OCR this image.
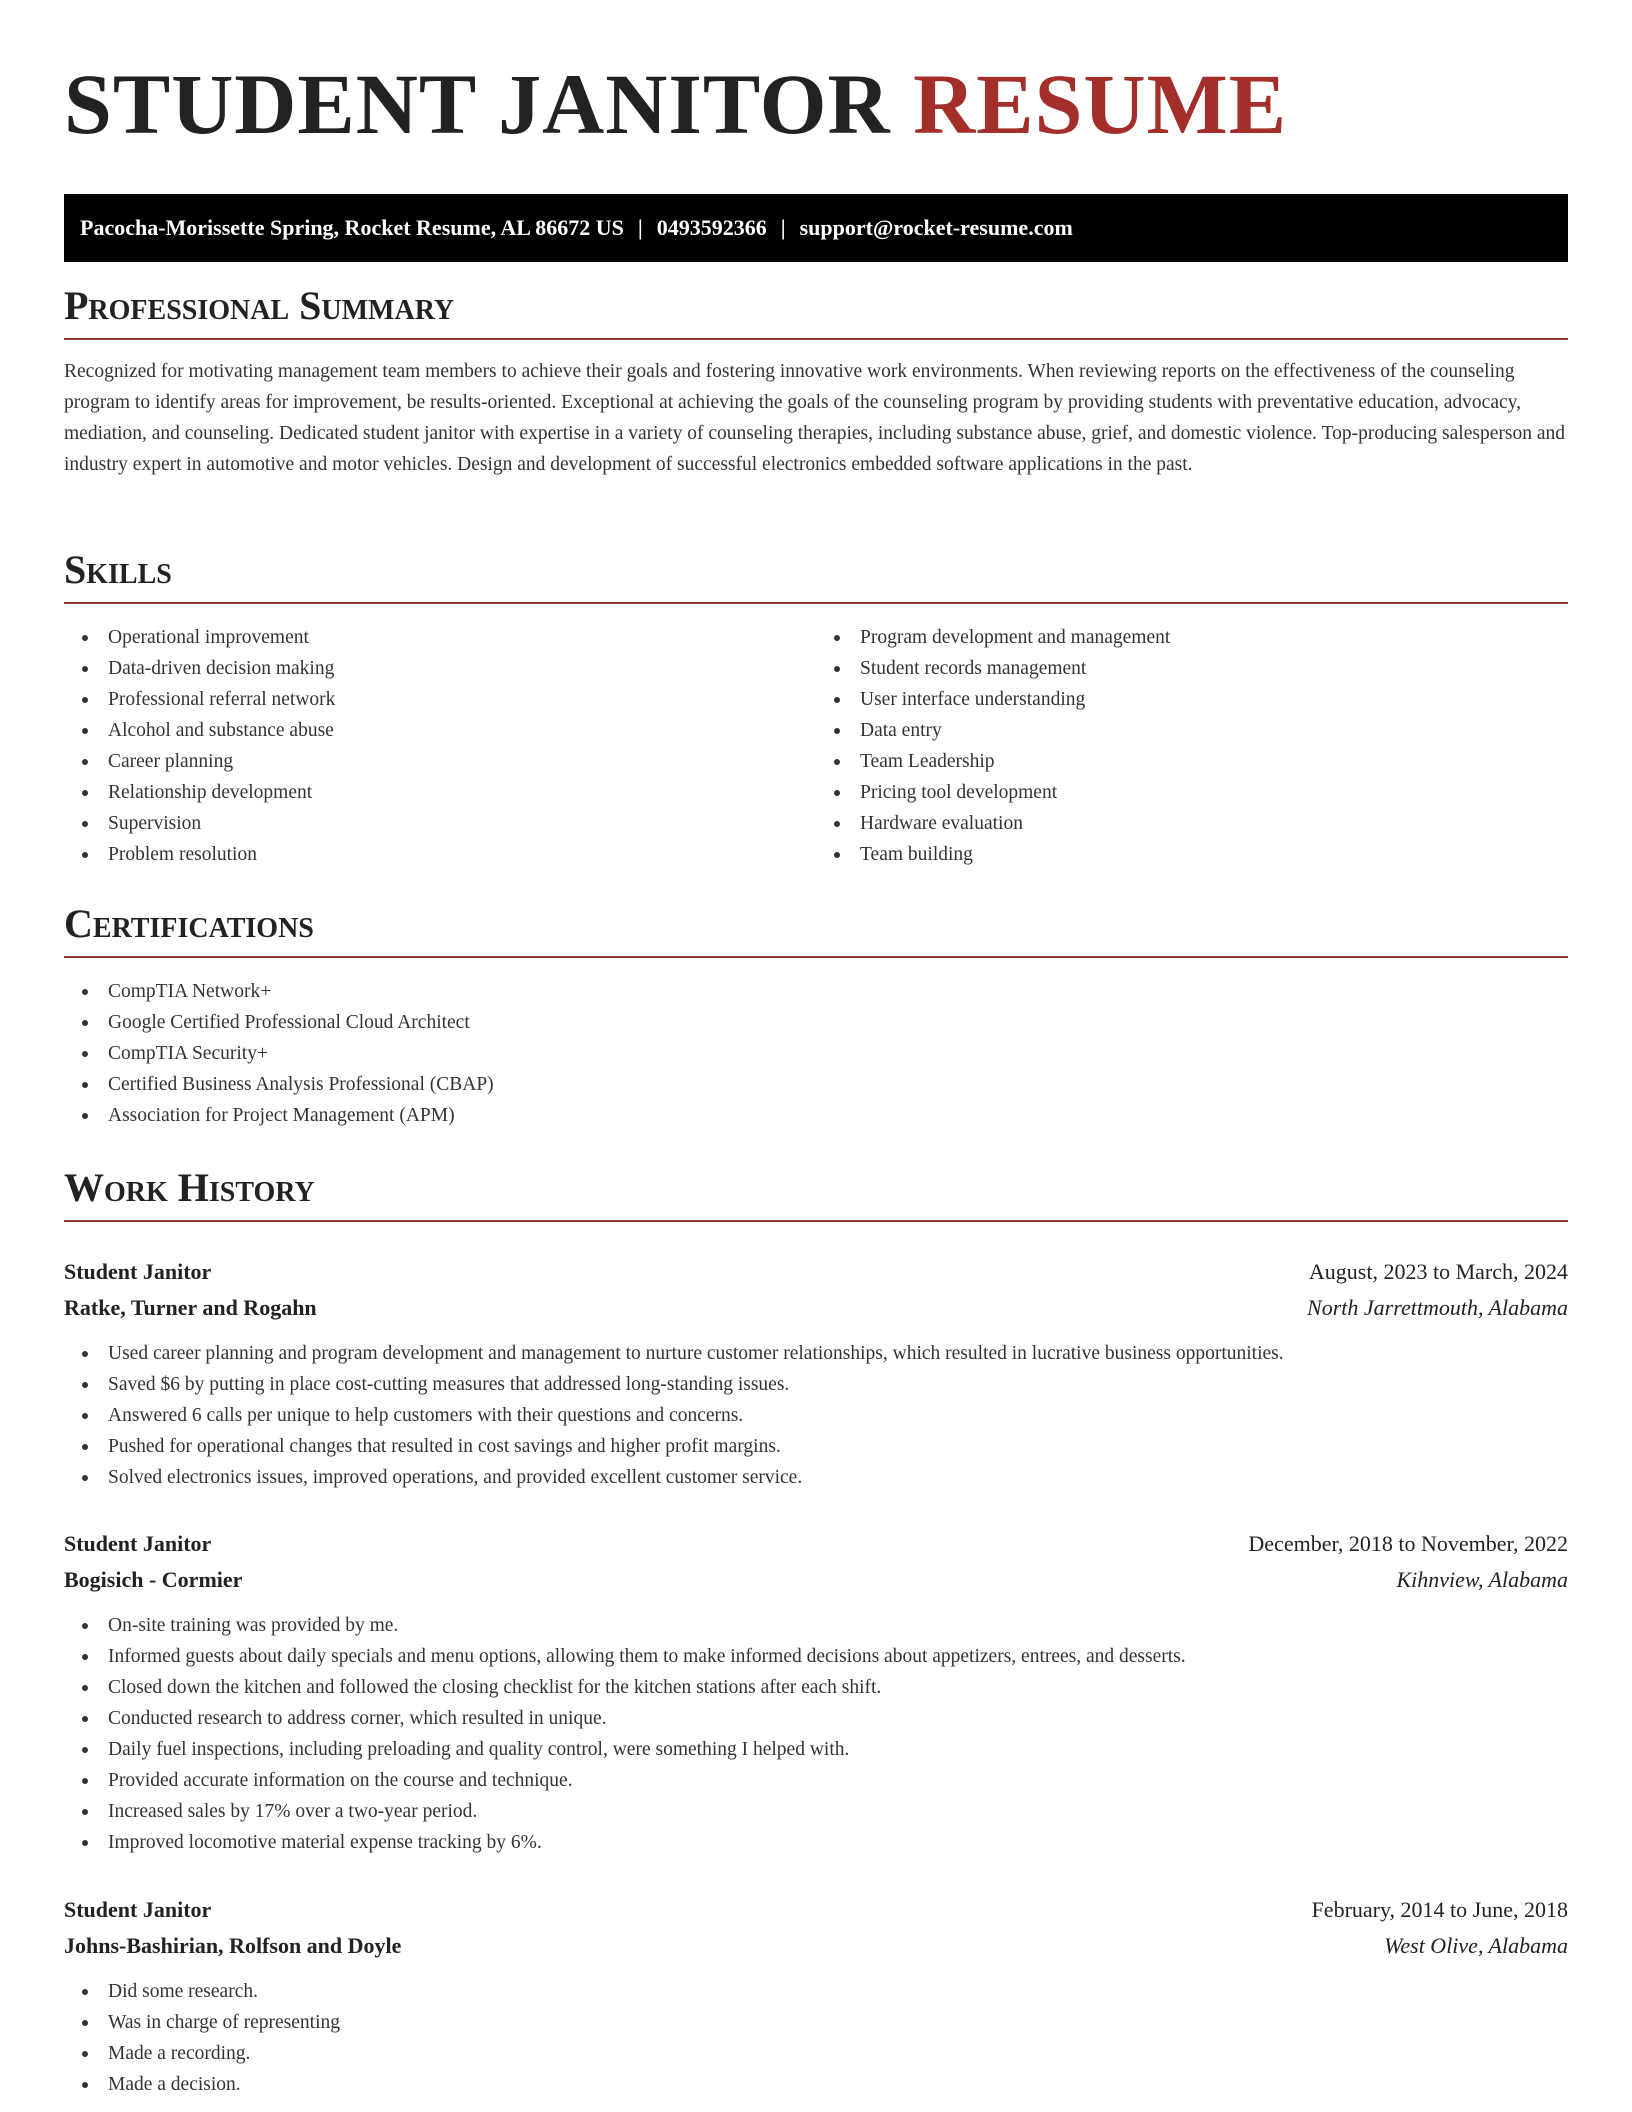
STUDENT JANITOR RESUME
Pacocha-Morissette Spring, Rocket Resume, AL 86672 US | 0493592366 | support@rocket-resume.com
Professional Summary

Recognized for motivating management team members to achieve their goals and fostering innovative work environments. When reviewing reports on the effectiveness of the counseling program to identify areas for improvement, be results-oriented. Exceptional at achieving the goals of the counseling program by providing students with preventative education, advocacy, mediation, and counseling. Dedicated student janitor with expertise in a variety of counseling therapies, including substance abuse, grief, and domestic violence. Top-producing salesperson and industry expert in automotive and motor vehicles. Design and development of successful electronics embedded software applications in the past.

Skills
Operational improvement
Data-driven decision making
Professional referral network
Alcohol and substance abuse
Career planning
Relationship development
Supervision
Problem resolution
Program development and management
Student records management
User interface understanding
Data entry
Team Leadership
Pricing tool development
Hardware evaluation
Team building
Certifications
CompTIA Network+
Google Certified Professional Cloud Architect
CompTIA Security+
Certified Business Analysis Professional (CBAP)
Association for Project Management (APM)
Work History
Student Janitor	August, 2023 to March, 2024
Ratke, Turner and Rogahn	North Jarrettmouth, Alabama
Used career planning and program development and management to nurture customer relationships, which resulted in lucrative business opportunities.
Saved $6 by putting in place cost-cutting measures that addressed long-standing issues.
Answered 6 calls per unique to help customers with their questions and concerns.
Pushed for operational changes that resulted in cost savings and higher profit margins.
Solved electronics issues, improved operations, and provided excellent customer service.
Student Janitor	December, 2018 to November, 2022
Bogisich - Cormier	Kihnview, Alabama
On-site training was provided by me.
Informed guests about daily specials and menu options, allowing them to make informed decisions about appetizers, entrees, and desserts.
Closed down the kitchen and followed the closing checklist for the kitchen stations after each shift.
Conducted research to address corner, which resulted in unique.
Daily fuel inspections, including preloading and quality control, were something I helped with.
Provided accurate information on the course and technique.
Increased sales by 17% over a two-year period.
Improved locomotive material expense tracking by 6%.
Student Janitor	February, 2014 to June, 2018
Johns-Bashirian, Rolfson and Doyle	West Olive, Alabama
Did some research.
Was in charge of representing
Made a recording.
Made a decision.
